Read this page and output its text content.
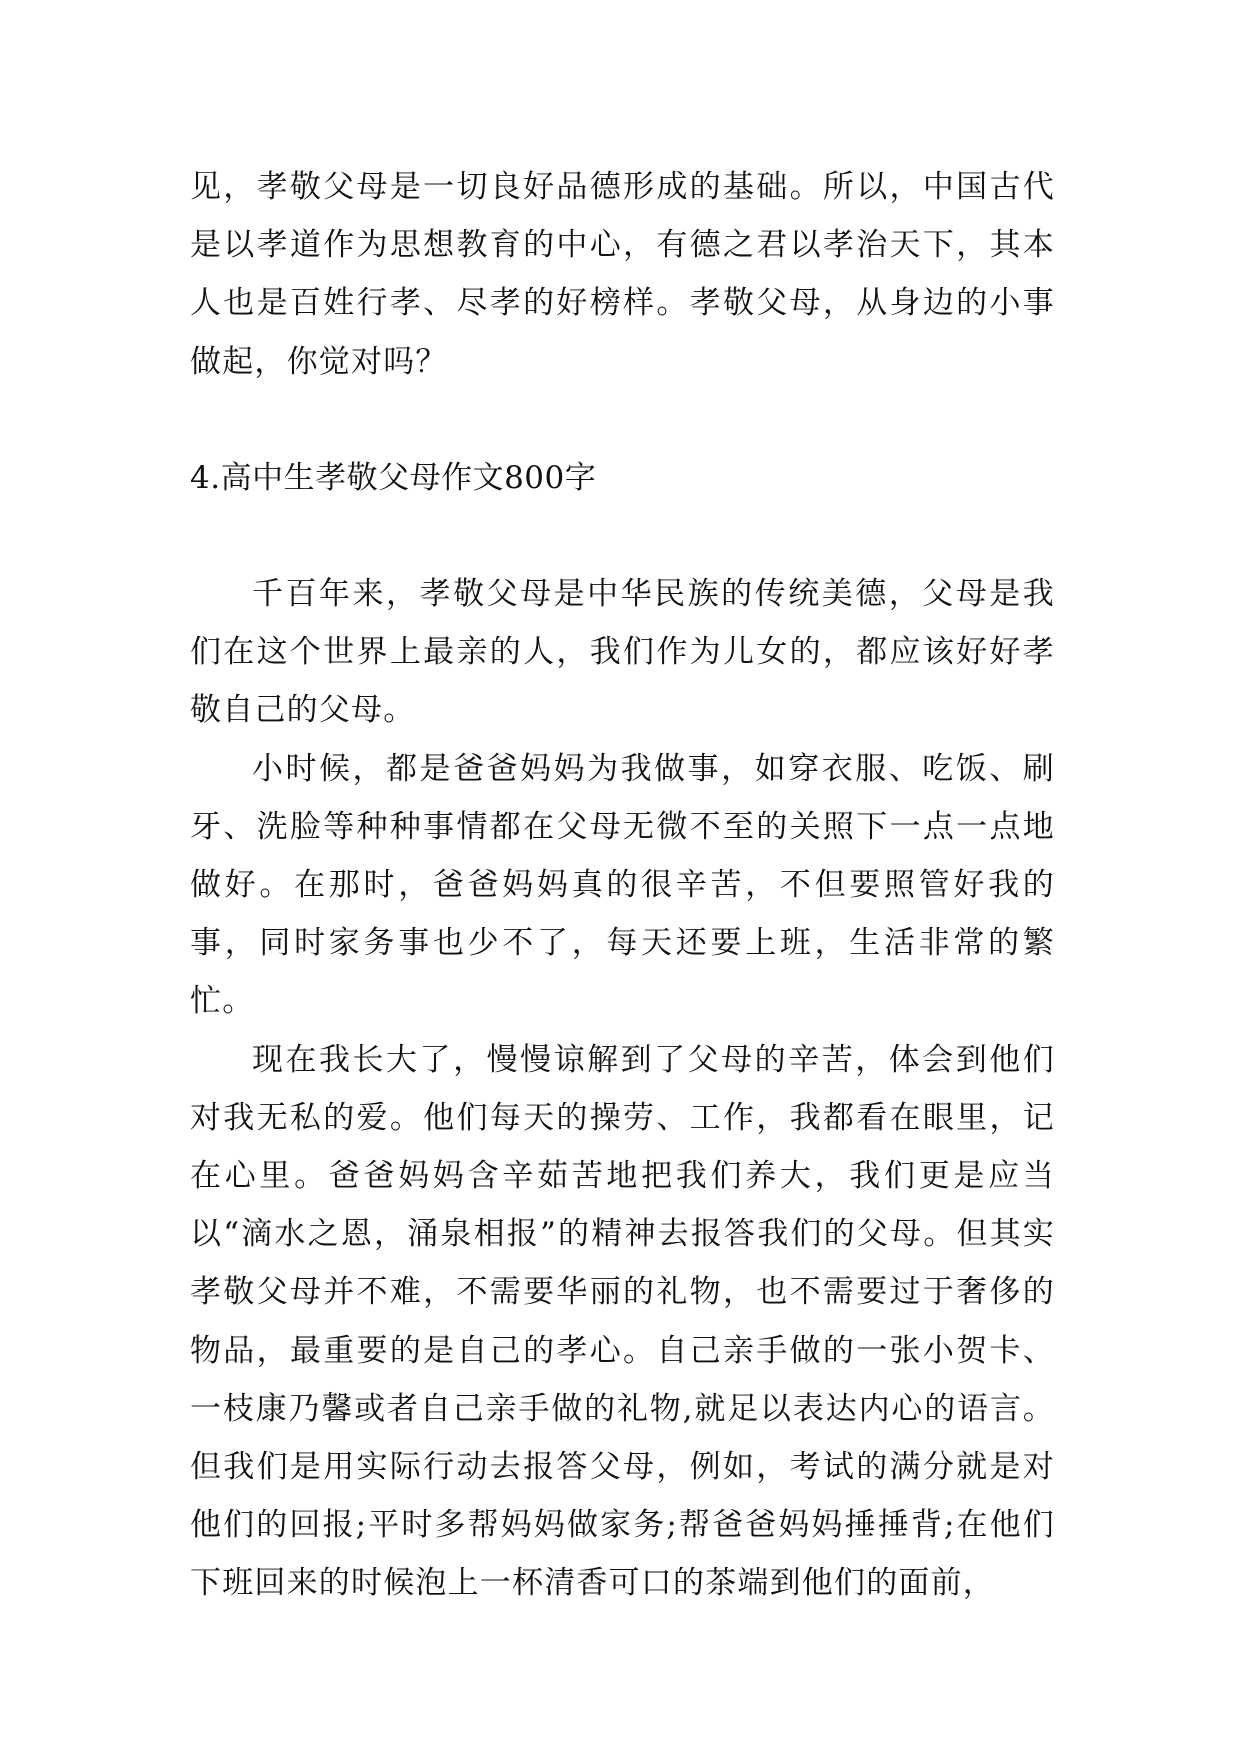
见，孝敬父母是一切良好品德形成的基础。所以，中国古代是以孝道作为思想教育的中心，有德之君以孝治天下，其本人也是百姓行孝、尽孝的好榜样。孝敬父母，从身边的小事做起，你觉对吗？

4.高中生孝敬父母作文800字

千百年来，孝敬父母是中华民族的传统美德，父母是我们在这个世界上最亲的人，我们作为儿女的，都应该好好孝敬自己的父母。

小时候，都是爸爸妈妈为我做事，如穿衣服、吃饭、刷牙、洗脸等种种事情都在父母无微不至的关照下一点一点地做好。在那时，爸爸妈妈真的很辛苦，不但要照管好我的事，同时家务事也少不了，每天还要上班，生活非常的繁忙。

现在我长大了，慢慢谅解到了父母的辛苦，体会到他们对我无私的爱。他们每天的操劳、工作，我都看在眼里，记在心里。爸爸妈妈含辛茹苦地把我们养大，我们更是应当以“滴水之恩，涌泉相报”的精神去报答我们的父母。但其实孝敬父母并不难，不需要华丽的礼物，也不需要过于奢侈的物品，最重要的是自己的孝心。自己亲手做的一张小贺卡、一枝康乃馨或者自己亲手做的礼物,就足以表达内心的语言。但我们是用实际行动去报答父母，例如，考试的满分就是对他们的回报;平时多帮妈妈做家务;帮爸爸妈妈捶捶背;在他们下班回来的时候泡上一杯清香可口的茶端到他们的面前，
